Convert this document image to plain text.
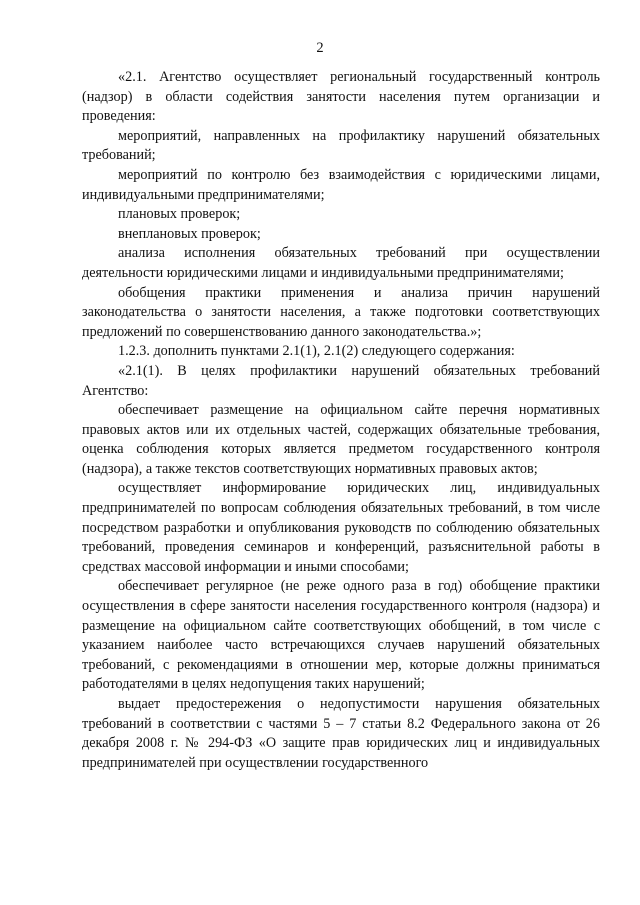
2

«2.1. Агентство осуществляет региональный государственный контроль (надзор) в области содействия занятости населения путем организации и проведения:

мероприятий, направленных на профилактику нарушений обязательных требований;

мероприятий по контролю без взаимодействия с юридическими лицами, индивидуальными предпринимателями;

плановых проверок;

внеплановых проверок;

анализа исполнения обязательных требований при осуществлении деятельности юридическими лицами и индивидуальными предпринимателями;

обобщения практики применения и анализа причин нарушений законодательства о занятости населения, а также подготовки соответствующих предложений по совершенствованию данного законодательства.»;

1.2.3. дополнить пунктами 2.1(1), 2.1(2) следующего содержания:

«2.1(1). В целях профилактики нарушений обязательных требований Агентство:

обеспечивает размещение на официальном сайте перечня нормативных правовых актов или их отдельных частей, содержащих обязательные требования, оценка соблюдения которых является предметом государственного контроля (надзора), а также текстов соответствующих нормативных правовых актов;

осуществляет информирование юридических лиц, индивидуальных предпринимателей по вопросам соблюдения обязательных требований, в том числе посредством разработки и опубликования руководств по соблюдению обязательных требований, проведения семинаров и конференций, разъяснительной работы в средствах массовой информации и иными способами;

обеспечивает регулярное (не реже одного раза в год) обобщение практики осуществления в сфере занятости населения государственного контроля (надзора) и размещение на официальном сайте соответствующих обобщений, в том числе с указанием наиболее часто встречающихся случаев нарушений обязательных требований, с рекомендациями в отношении мер, которые должны приниматься работодателями в целях недопущения таких нарушений;

выдает предостережения о недопустимости нарушения обязательных требований в соответствии с частями 5 – 7 статьи 8.2 Федерального закона от 26 декабря 2008 г. № 294-ФЗ «О защите прав юридических лиц и индивидуальных предпринимателей при осуществлении государственного
